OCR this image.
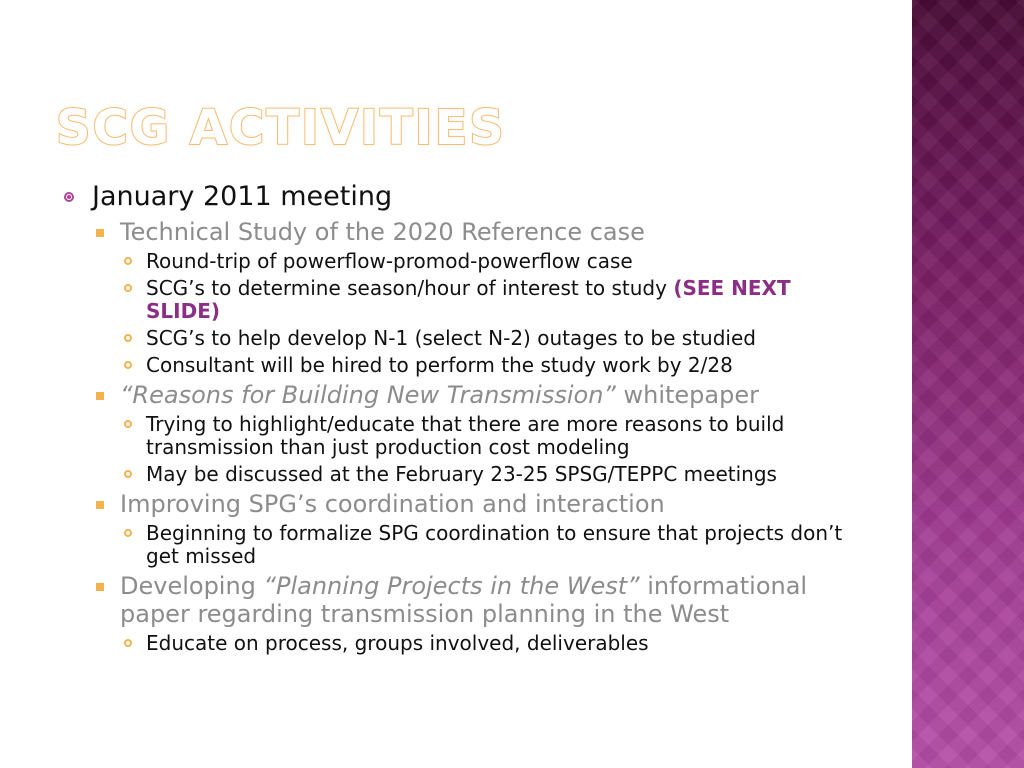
SCG ACTIVITIES
January 2011 meeting
Technical Study of the 2020 Reference case
Round-trip of powerflow-promod-powerflow case
SCG’s to determine season/hour of interest to study (SEE NEXT SLIDE)
SCG’s to help develop N-1 (select N-2) outages to be studied
Consultant will be hired to perform the study work by 2/28
“Reasons for Building New Transmission” whitepaper
Trying to highlight/educate that there are more reasons to build transmission than just production cost modeling
May be discussed at the February 23-25 SPSG/TEPPC meetings
Improving SPG’s coordination and interaction
Beginning to formalize SPG coordination to ensure that projects don’t get missed
Developing “Planning Projects in the West” informational paper regarding transmission planning in the West
Educate on process, groups involved, deliverables
